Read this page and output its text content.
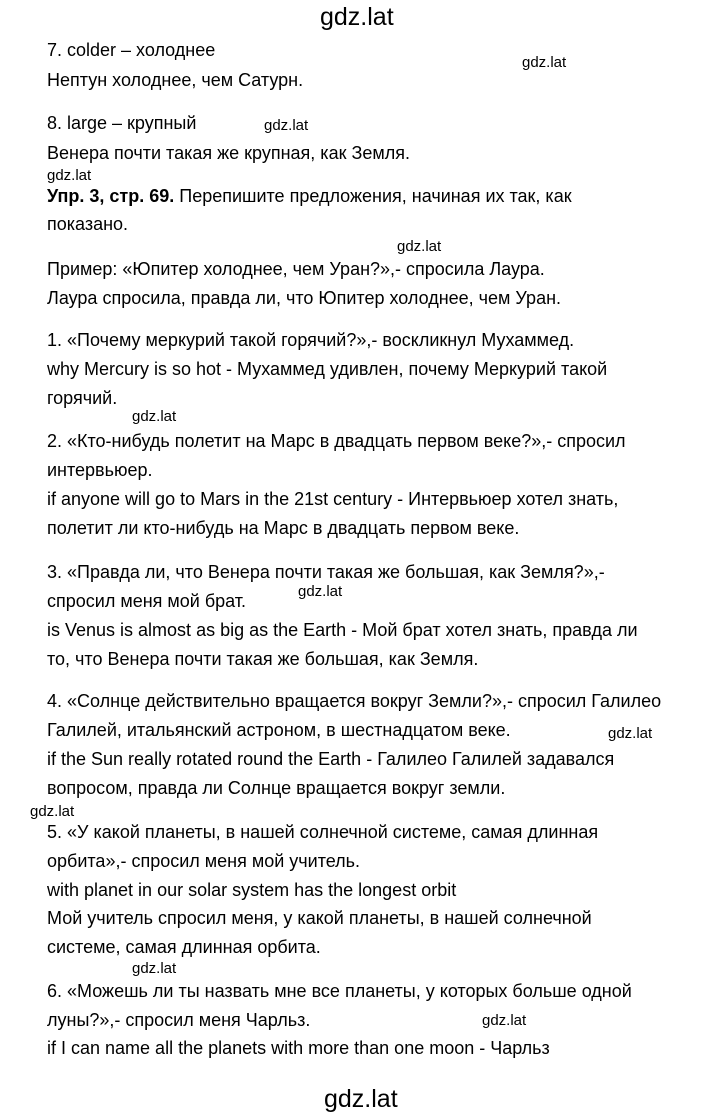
gdz.lat
7. colder – холоднее
gdz.lat
Нептун холоднее, чем Сатурн.
8. large – крупный	gdz.lat
Венера почти такая же крупная, как Земля.
gdz.lat
Упр. 3, стр. 69. Перепишите предложения, начиная их так, как
показано.
gdz.lat
Пример: «Юпитер холоднее, чем Уран?»,- спросила Лаура.
Лаура спросила, правда ли, что Юпитер холоднее, чем Уран.
1. «Почему меркурий такой горячий?»,- воскликнул Мухаммед.
why Mercury is so hot - Мухаммед удивлен, почему Меркурий такой
горячий.
gdz.lat
2. «Кто-нибудь полетит на Марс в двадцать первом веке?»,- спросил
интервьюер.
if anyone will go to Mars in the 21st century - Интервьюер хотел знать,
полетит ли кто-нибудь на Марс в двадцать первом веке.
3. «Правда ли, что Венера почти такая же большая, как Земля?»,-
gdz.lat
спросил меня мой брат.
is Venus is almost as big as the Earth - Мой брат хотел знать, правда ли
то, что Венера почти такая же большая, как Земля.
4. «Солнце действительно вращается вокруг Земли?»,- спросил Галилео
Галилей, итальянский астроном, в шестнадцатом веке.	gdz.lat
if the Sun really rotated round the Earth - Галилео Галилей задавался
вопросом, правда ли Солнце вращается вокруг земли.
gdz.lat
5. «У какой планеты, в нашей солнечной системе, самая длинная
орбита»,- спросил меня мой учитель.
with planet in our solar system has the longest orbit
Мой учитель спросил меня, у какой планеты, в нашей солнечной
системе, самая длинная орбита.
gdz.lat
6. «Можешь ли ты назвать мне все планеты, у которых больше одной
луны?»,- спросил меня Чарльз.	gdz.lat
if I can name all the planets with more than one moon - Чарльз
gdz.lat
